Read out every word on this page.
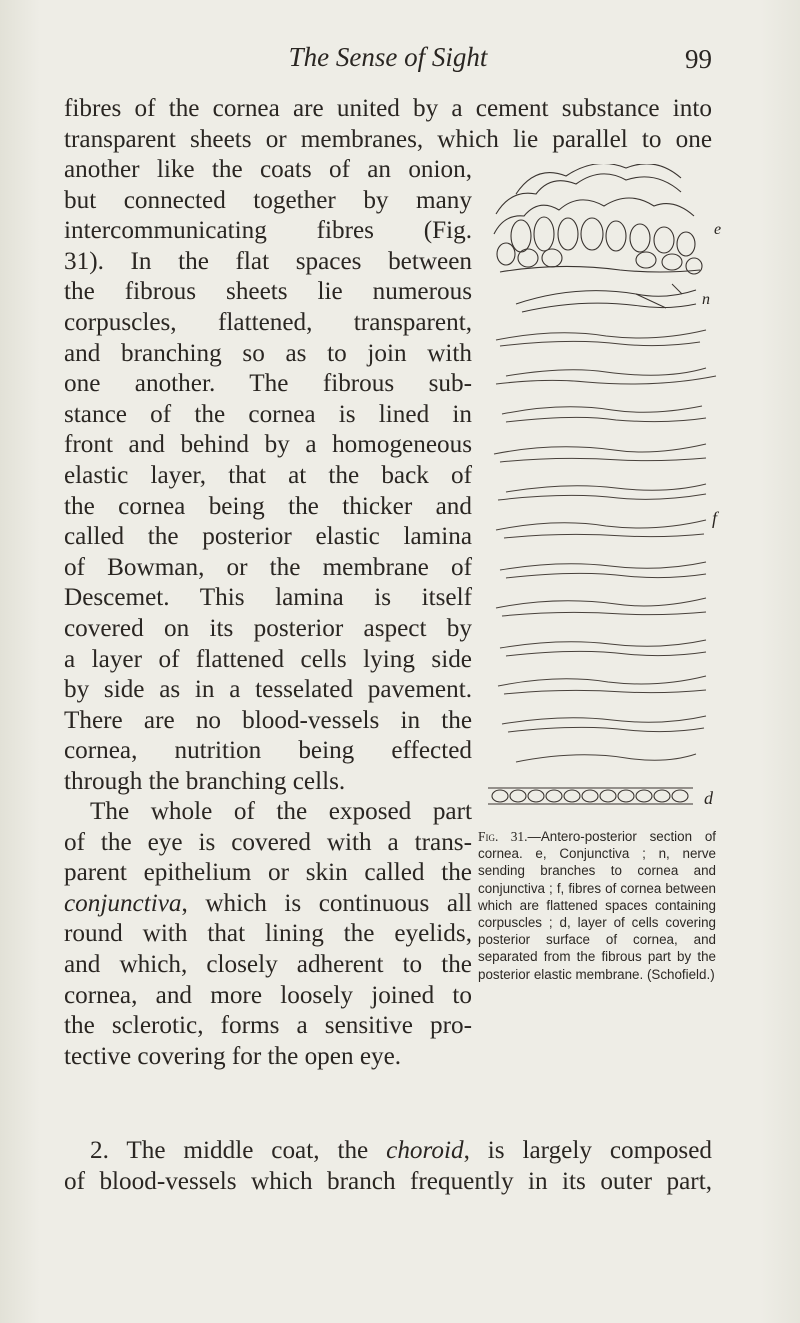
The Sense of Sight	99

fibres of the cornea are united by a cement substance into
transparent sheets or membranes, which lie parallel to one

another like the coats of an onion,
but connected together by many
intercommunicating fibres (Fig.
31). In the flat spaces between
the fibrous sheets lie numerous
corpuscles, flattened, transparent,
and branching so as to join with
one another. The fibrous sub-
stance of the cornea is lined in
front and behind by a homogeneous
elastic layer, that at the back of
the cornea being the thicker and
called the posterior elastic lamina
of Bowman, or the membrane of
Descemet. This lamina is itself
covered on its posterior aspect by
a layer of flattened cells lying side
by side as in a tesselated pavement.
There are no blood-vessels in the
cornea, nutrition being effected
through the branching cells.

The whole of the exposed part
of the eye is covered with a trans-
parent epithelium or skin called the
conjunctiva, which is continuous all
round with that lining the eyelids,
and which, closely adherent to the
cornea, and more loosely joined to
the sclerotic, forms a sensitive pro-
tective covering for the open eye.

e
n
f
d

Fig. 31.—Antero-posterior section of cornea. e, Conjunctiva ; n, nerve sending branches to cornea and conjunctiva ; f, fibres of cornea between which are flattened spaces containing corpuscles ; d, layer of cells covering posterior surface of cornea, and separated from the fibrous part by the posterior elastic membrane. (Schofield.)

2. The middle coat, the choroid, is largely composed
of blood-vessels which branch frequently in its outer part,
